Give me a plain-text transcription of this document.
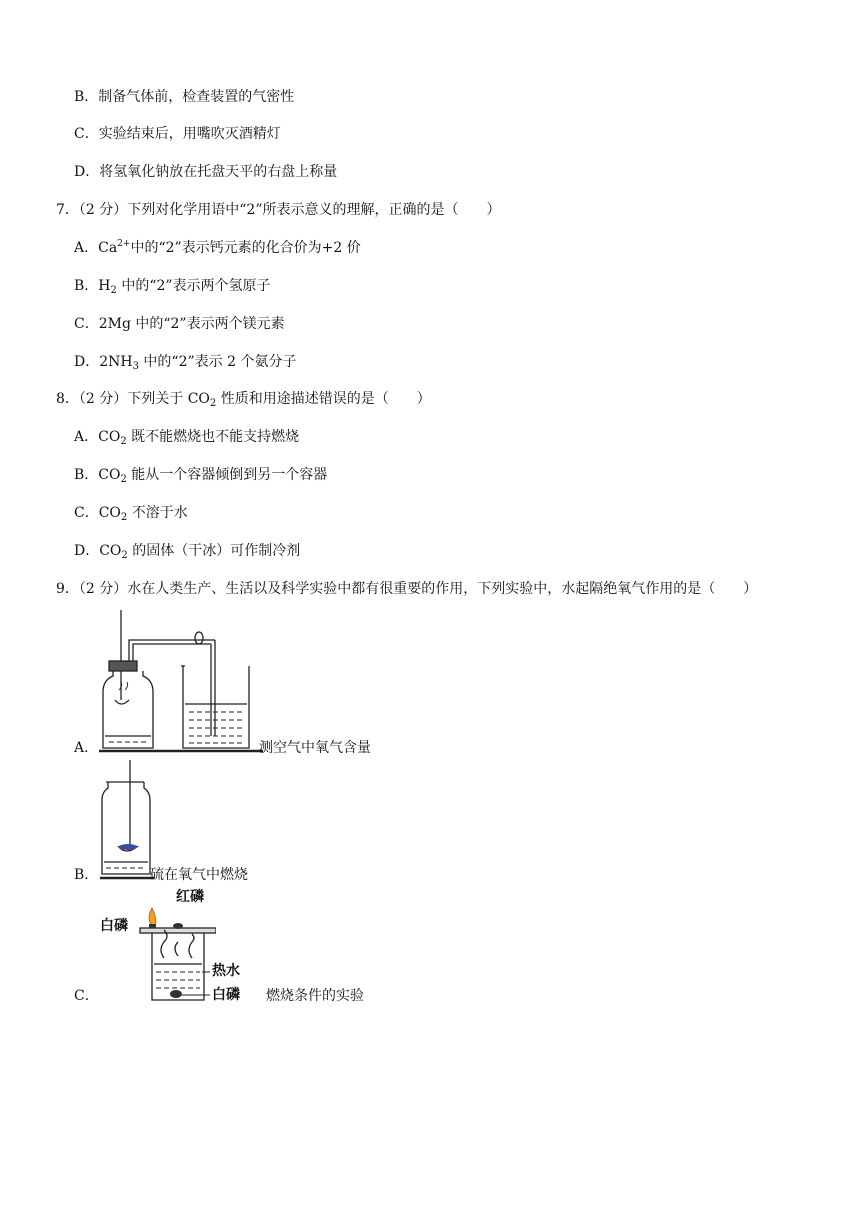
B．制备气体前，检查装置的气密性
C．实验结束后，用嘴吹灭酒精灯
D．将氢氧化钠放在托盘天平的右盘上称量
7．（2 分）下列对化学用语中“2”所表示意义的理解，正确的是（　　）
A．$Ca^{2+}$中的“2”表示钙元素的化合价为+2 价
B．$H_2$ 中的“2”表示两个氢原子
C．2Mg 中的“2”表示两个镁元素
D．$2NH_3$ 中的“2”表示 2 个氨分子
8．（2 分）下列关于 $CO_2$ 性质和用途描述错误的是（　　）
A．$CO_2$ 既不能燃烧也不能支持燃烧
B．$CO_2$ 能从一个容器倾倒到另一个容器
C．$CO_2$ 不溶于水
D．$CO_2$ 的固体（干冰）可作制冷剂
9．（2 分）水在人类生产、生活以及科学实验中都有很重要的作用，下列实验中，水起隔绝氧气作用的是（　　）
A．	测空气中氧气含量
B．	硫在氧气中燃烧
C．
红磷
白磷
热水
白磷 燃烧条件的实验
